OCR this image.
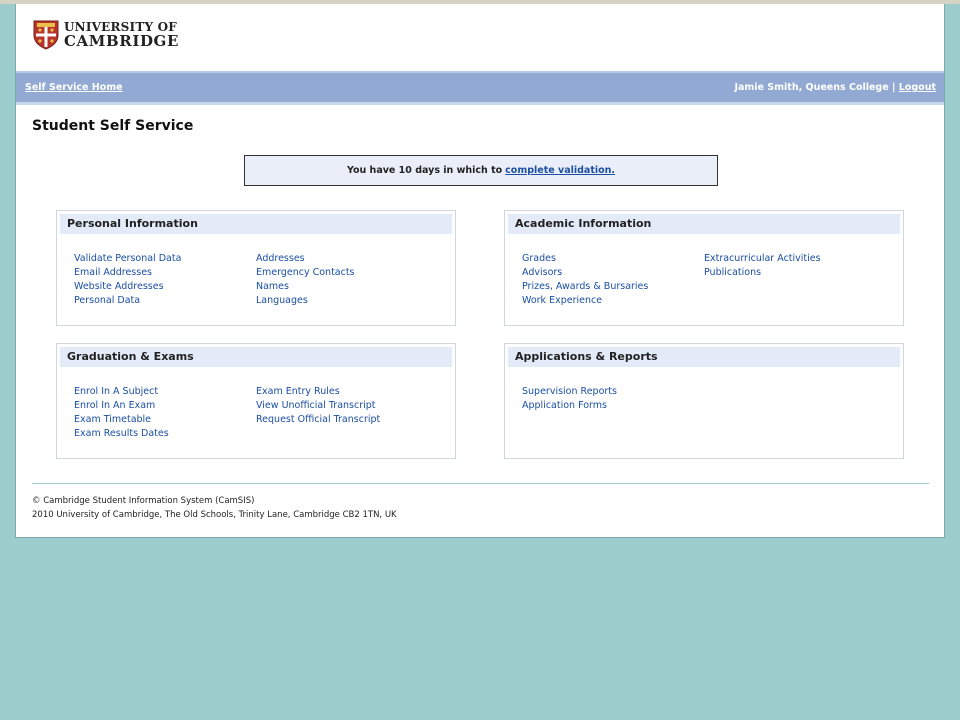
UNIVERSITY OF
CAMBRIDGE
Self Service Home	Jamie Smith, Queens College | Logout
Student Self Service
You have 10 days in which to complete validation.
Personal Information
Validate Personal Data
Email Addresses
Website Addresses
Personal Data
Addresses
Emergency Contacts
Names
Languages
Academic Information
Grades
Advisors
Prizes, Awards & Bursaries
Work Experience
Extracurricular Activities
Publications
Graduation & Exams
Enrol In A Subject
Enrol In An Exam
Exam Timetable
Exam Results Dates
Exam Entry Rules
View Unofficial Transcript
Request Official Transcript
Applications & Reports
Supervision Reports
Application Forms
© Cambridge Student Information System (CamSIS)
2010 University of Cambridge, The Old Schools, Trinity Lane, Cambridge CB2 1TN, UK
